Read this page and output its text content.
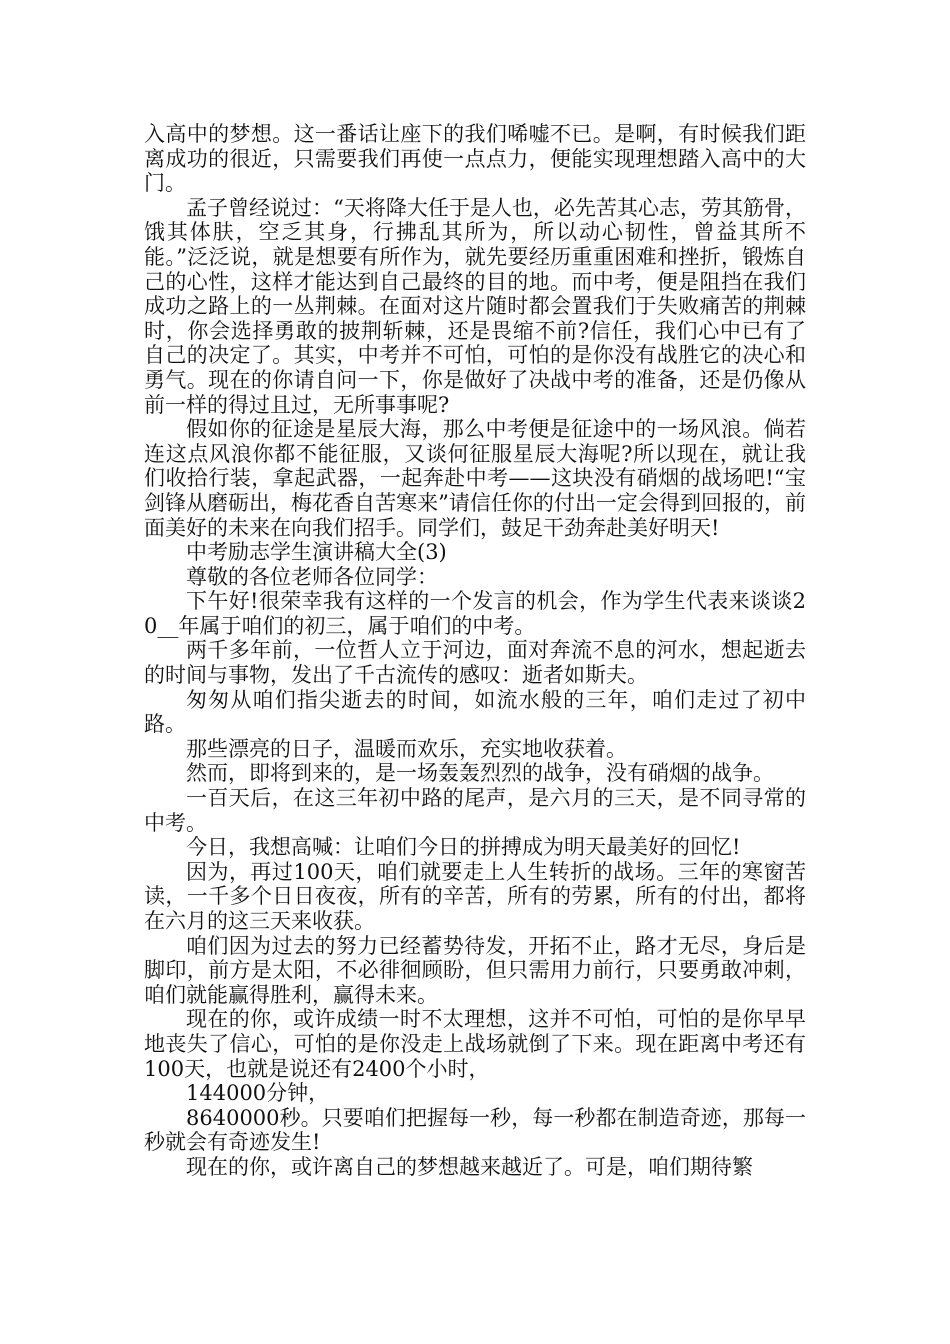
入高中的梦想。这一番话让座下的我们唏嘘不已。是啊，有时候我们距离成功的很近，只需要我们再使一点点力，便能实现理想踏入高中的大门。

孟子曾经说过：“天将降大任于是人也，必先苦其心志，劳其筋骨，饿其体肤，空乏其身，行拂乱其所为，所以动心韧性，曾益其所不能。”泛泛说，就是想要有所作为，就先要经历重重困难和挫折，锻炼自己的心性，这样才能达到自己最终的目的地。而中考，便是阻挡在我们成功之路上的一丛荆棘。在面对这片随时都会置我们于失败痛苦的荆棘时，你会选择勇敢的披荆斩棘，还是畏缩不前?信任，我们心中已有了自己的决定了。其实，中考并不可怕，可怕的是你没有战胜它的决心和勇气。现在的你请自问一下，你是做好了决战中考的准备，还是仍像从前一样的得过且过，无所事事呢?

假如你的征途是星辰大海，那么中考便是征途中的一场风浪。倘若连这点风浪你都不能征服，又谈何征服星辰大海呢?所以现在，就让我们收拾行装，拿起武器，一起奔赴中考——这块没有硝烟的战场吧!“宝剑锋从磨砺出，梅花香自苦寒来”请信任你的付出一定会得到回报的，前面美好的未来在向我们招手。同学们，鼓足干劲奔赴美好明天!

中考励志学生演讲稿大全(3)

尊敬的各位老师各位同学：

下午好!很荣幸我有这样的一个发言的机会，作为学生代表来谈谈20__年属于咱们的初三，属于咱们的中考。

两千多年前，一位哲人立于河边，面对奔流不息的河水，想起逝去的时间与事物，发出了千古流传的感叹：逝者如斯夫。

匆匆从咱们指尖逝去的时间，如流水般的三年，咱们走过了初中路。

那些漂亮的日子，温暖而欢乐，充实地收获着。

然而，即将到来的，是一场轰轰烈烈的战争，没有硝烟的战争。

一百天后，在这三年初中路的尾声，是六月的三天，是不同寻常的中考。

今日，我想高喊：让咱们今日的拼搏成为明天最美好的回忆!

因为，再过100天，咱们就要走上人生转折的战场。三年的寒窗苦读，一千多个日日夜夜，所有的辛苦，所有的劳累，所有的付出，都将在六月的这三天来收获。

咱们因为过去的努力已经蓄势待发，开拓不止，路才无尽，身后是脚印，前方是太阳，不必徘徊顾盼，但只需用力前行，只要勇敢冲刺，咱们就能赢得胜利，赢得未来。

现在的你，或许成绩一时不太理想，这并不可怕，可怕的是你早早地丧失了信心，可怕的是你没走上战场就倒了下来。现在距离中考还有100天，也就是说还有2400个小时，

144000分钟，

8640000秒。只要咱们把握每一秒，每一秒都在制造奇迹，那每一秒就会有奇迹发生!

现在的你，或许离自己的梦想越来越近了。可是，咱们期待繁
